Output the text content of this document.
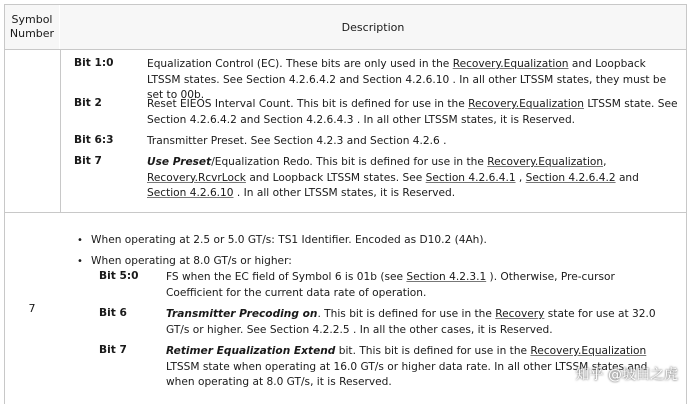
Symbol Number	Description
Bit 1:0	Equalization Control (EC). These bits are only used in the Recovery.Equalization and Loopback LTSSM states. See Section 4.2.6.4.2 and Section 4.2.6.10 . In all other LTSSM states, they must be set to 00b.
Bit 2	Reset EIEOS Interval Count. This bit is defined for use in the Recovery.Equalization LTSSM state. See Section 4.2.6.4.2 and Section 4.2.6.4.3 . In all other LTSSM states, it is Reserved.
Bit 6:3	Transmitter Preset. See Section 4.2.3 and Section 4.2.6 .
Bit 7	Use Preset/Equalization Redo. This bit is defined for use in the Recovery.Equalization, Recovery.RcvrLock and Loopback LTSSM states. See Section 4.2.6.4.1 , Section 4.2.6.4.2 and Section 4.2.6.10 . In all other LTSSM states, it is Reserved.
7
• When operating at 2.5 or 5.0 GT/s: TS1 Identifier. Encoded as D10.2 (4Ah).
• When operating at 8.0 GT/s or higher:
Bit 5:0	FS when the EC field of Symbol 6 is 01b (see Section 4.2.3.1 ). Otherwise, Pre-cursor Coefficient for the current data rate of operation.
Bit 6	Transmitter Precoding on. This bit is defined for use in the Recovery state for use at 32.0 GT/s or higher. See Section 4.2.2.5 . In all the other cases, it is Reserved.
Bit 7	Retimer Equalization Extend bit. This bit is defined for use in the Recovery.Equalization LTSSM state when operating at 16.0 GT/s or higher data rate. In all other LTSSM states and when operating at 8.0 GT/s, it is Reserved.	知乎 @坡田之虎
